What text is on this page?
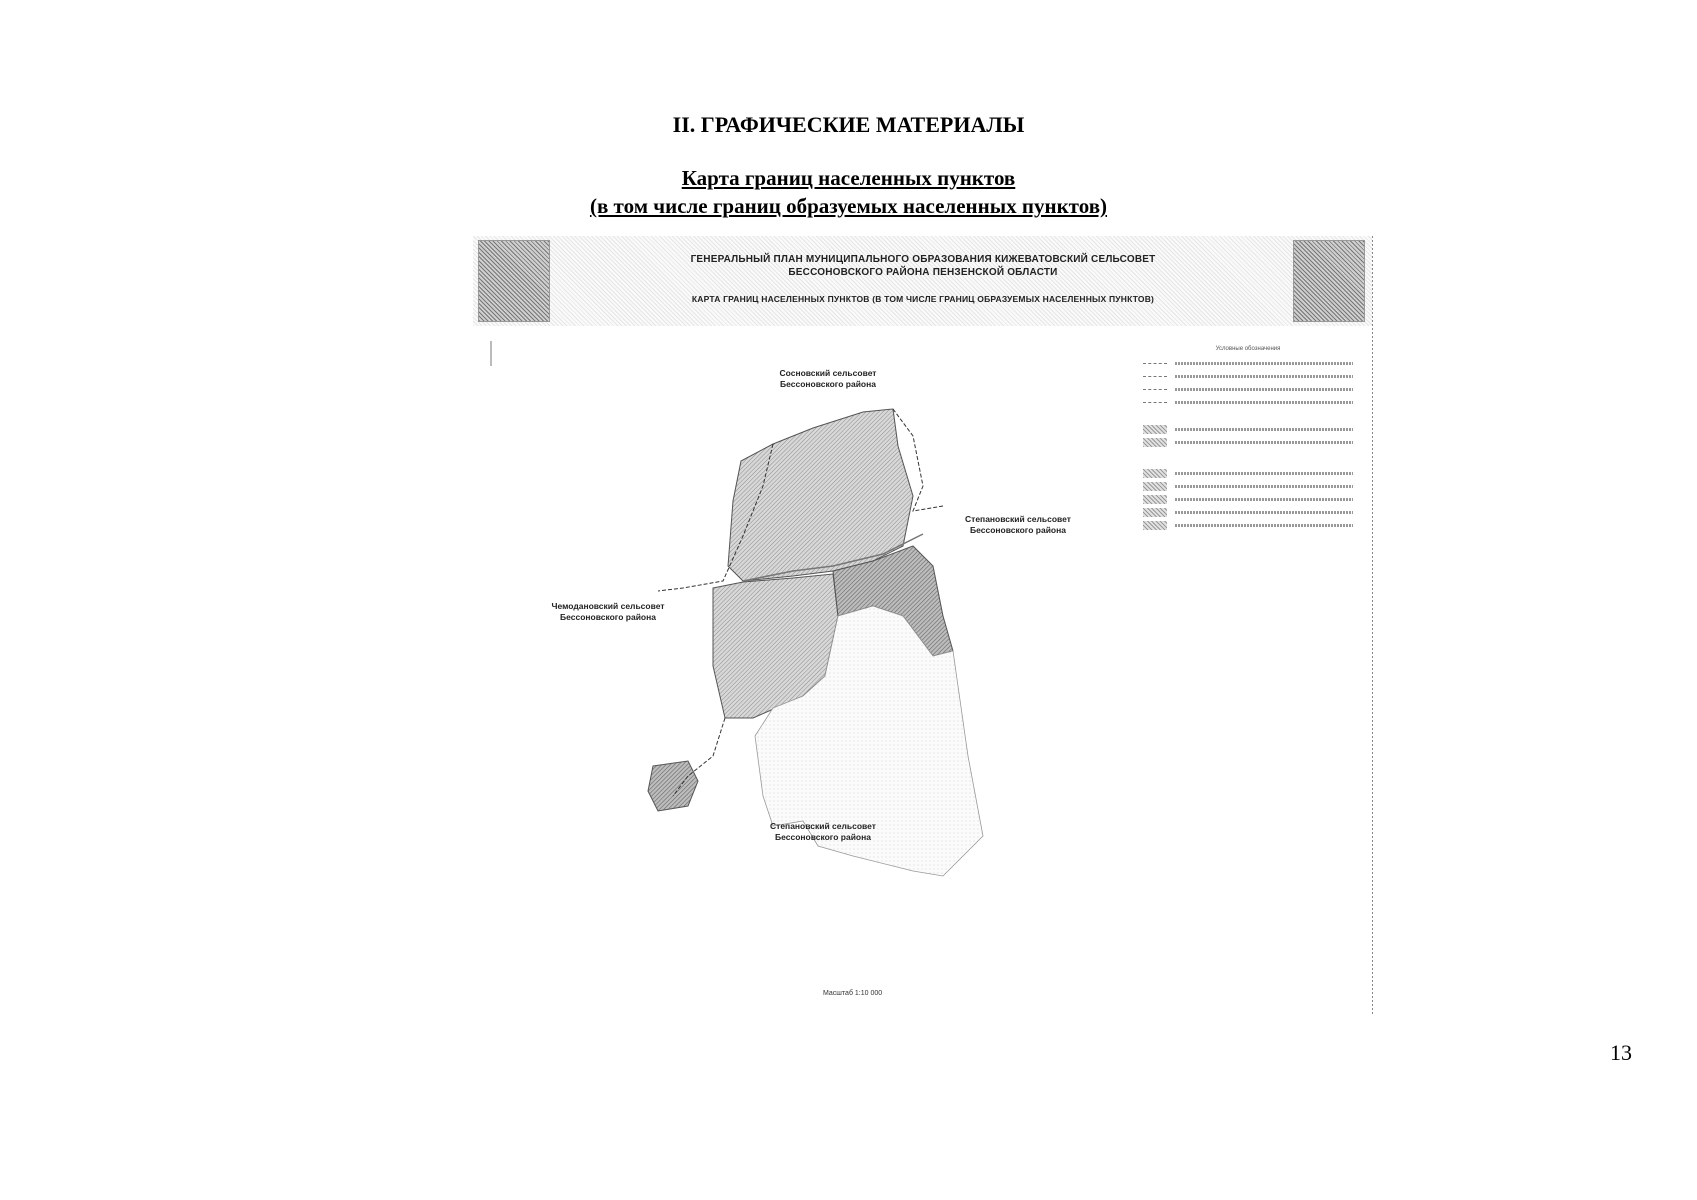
II. ГРАФИЧЕСКИЕ МАТЕРИАЛЫ
Карта границ населенных пунктов
(в том числе границ образуемых населенных пунктов)
ГЕНЕРАЛЬНЫЙ ПЛАН МУНИЦИПАЛЬНОГО ОБРАЗОВАНИЯ КИЖЕВАТОВСКИЙ СЕЛЬСОВЕТ
БЕССОНОВСКОГО РАЙОНА ПЕНЗЕНСКОЙ ОБЛАСТИ
КАРТА ГРАНИЦ НАСЕЛЕННЫХ ПУНКТОВ (В ТОМ ЧИСЛЕ ГРАНИЦ ОБРАЗУЕМЫХ НАСЕЛЕННЫХ ПУНКТОВ)
Сосновский сельсовет
Бессоновского района
Степановский сельсовет
Бессоновского района
Чемодановский сельсовет
Бессоновского района
Степановский сельсовет
Бессоновского района
Условные обозначения
Масштаб 1:10 000
13
